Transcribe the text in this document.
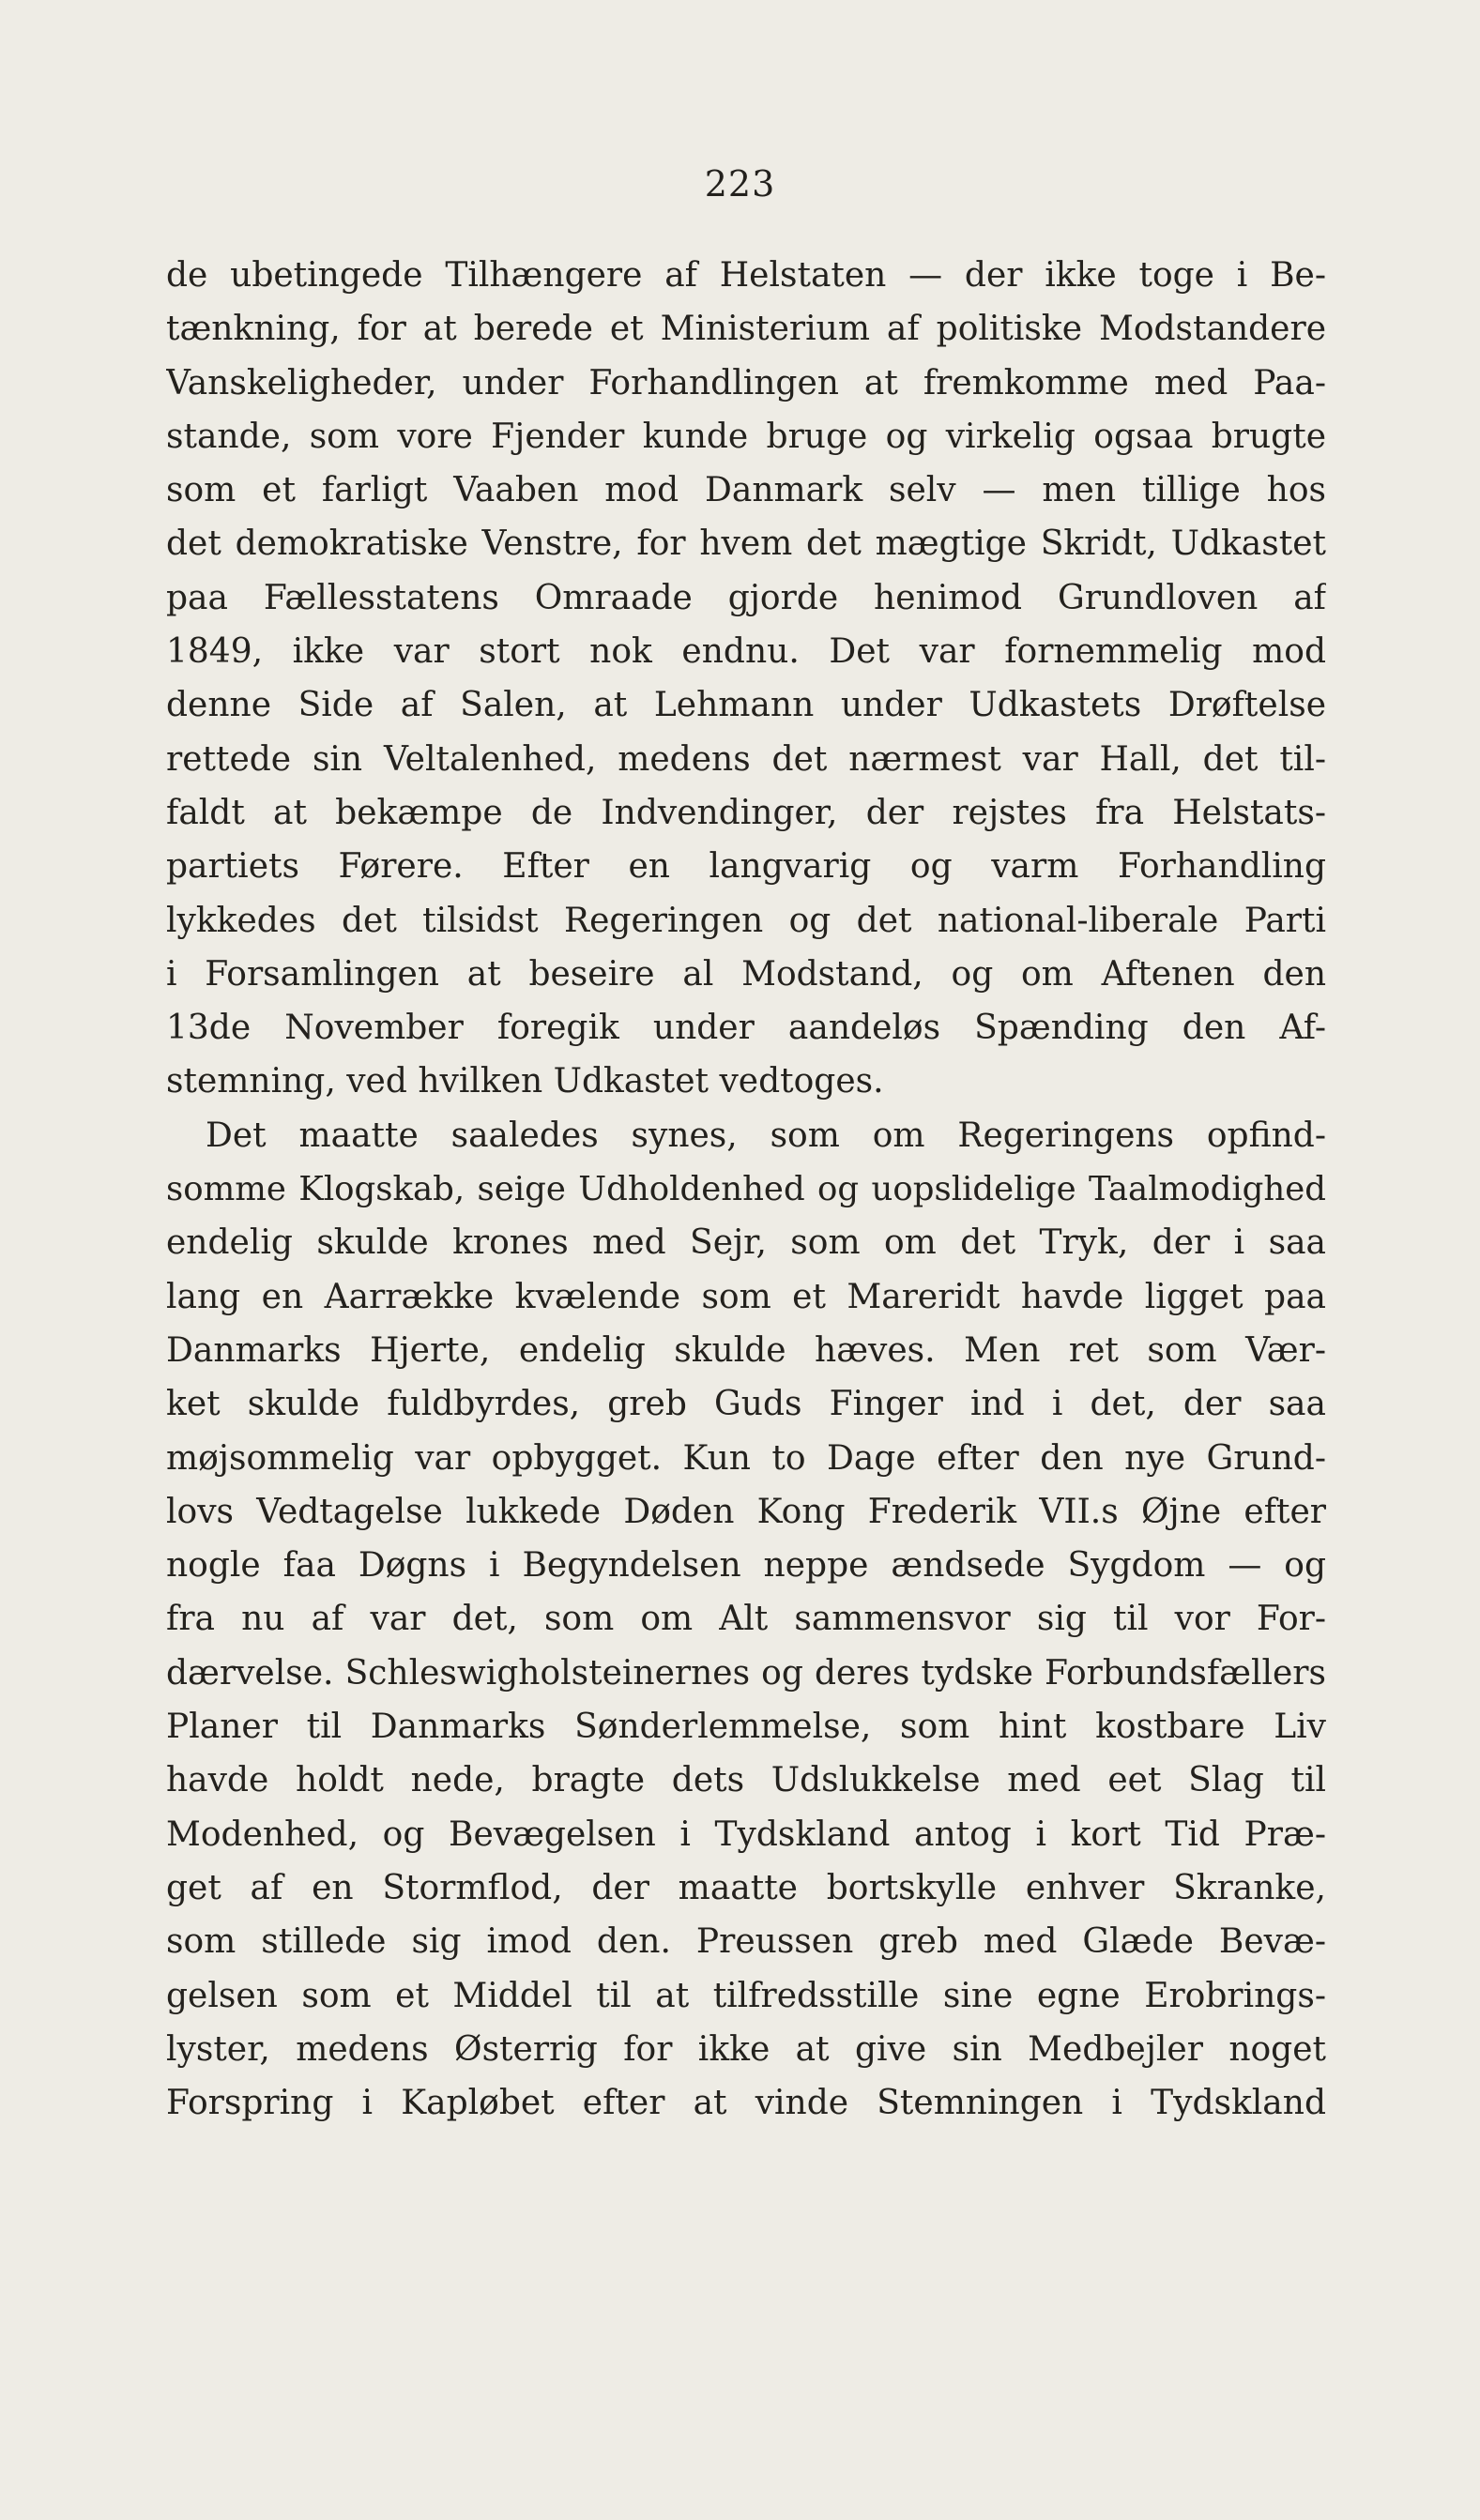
223
de ubetingede Tilhængere af Helstaten — der ikke toge i Be-
tænkning, for at berede et Ministerium af politiske Modstandere
Vanskeligheder, under Forhandlingen at fremkomme med Paa-
stande, som vore Fjender kunde bruge og virkelig ogsaa brugte
som et farligt Vaaben mod Danmark selv — men tillige hos
det demokratiske Venstre, for hvem det mægtige Skridt, Udkastet
paa Fællesstatens Omraade gjorde henimod Grundloven af
1849, ikke var stort nok endnu. Det var fornemmelig mod
denne Side af Salen, at Lehmann under Udkastets Drøftelse
rettede sin Veltalenhed, medens det nærmest var Hall, det til-
faldt at bekæmpe de Indvendinger, der rejstes fra Helstats-
partiets Førere. Efter en langvarig og varm Forhandling
lykkedes det tilsidst Regeringen og det national-liberale Parti
i Forsamlingen at beseire al Modstand, og om Aftenen den
13de November foregik under aandeløs Spænding den Af-
stemning, ved hvilken Udkastet vedtoges.
Det maatte saaledes synes, som om Regeringens opfind-
somme Klogskab, seige Udholdenhed og uopslidelige Taalmodighed
endelig skulde krones med Sejr, som om det Tryk, der i saa
lang en Aarrække kvælende som et Mareridt havde ligget paa
Danmarks Hjerte, endelig skulde hæves. Men ret som Vær-
ket skulde fuldbyrdes, greb Guds Finger ind i det, der saa
møjsommelig var opbygget. Kun to Dage efter den nye Grund-
lovs Vedtagelse lukkede Døden Kong Frederik VII.s Øjne efter
nogle faa Døgns i Begyndelsen neppe ændsede Sygdom — og
fra nu af var det, som om Alt sammensvor sig til vor For-
dærvelse. Schleswigholsteinernes og deres tydske Forbundsfællers
Planer til Danmarks Sønderlemmelse, som hint kostbare Liv
havde holdt nede, bragte dets Udslukkelse med eet Slag til
Modenhed, og Bevægelsen i Tydskland antog i kort Tid Præ-
get af en Stormflod, der maatte bortskylle enhver Skranke,
som stillede sig imod den. Preussen greb med Glæde Bevæ-
gelsen som et Middel til at tilfredsstille sine egne Erobrings-
lyster, medens Østerrig for ikke at give sin Medbejler noget
Forspring i Kapløbet efter at vinde Stemningen i Tydskland
